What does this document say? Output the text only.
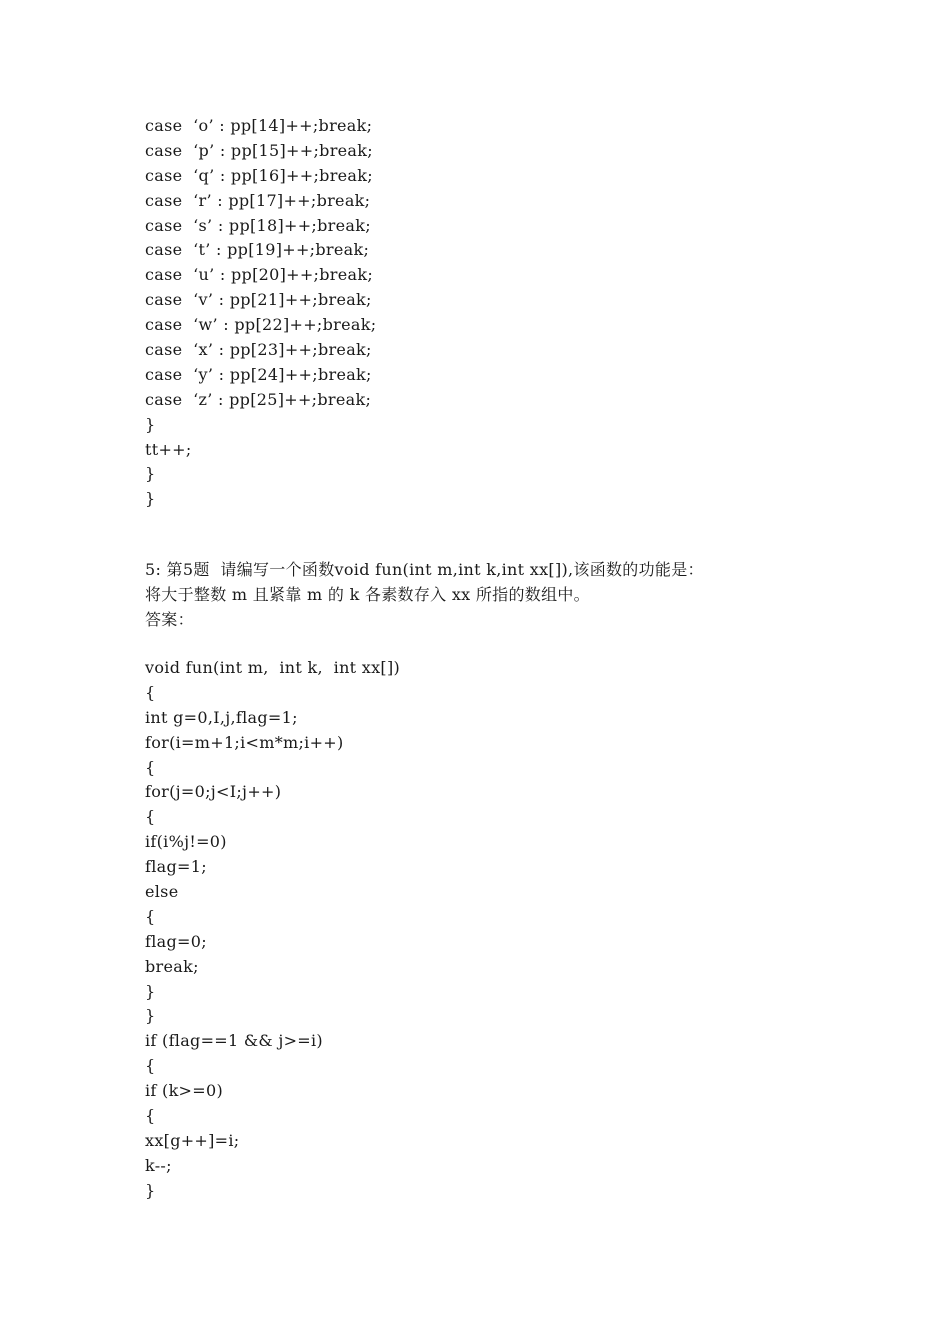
case  ‘o’ : pp[14]++;break;
case  ‘p’ : pp[15]++;break;
case  ‘q’ : pp[16]++;break;
case  ‘r’ : pp[17]++;break;
case  ‘s’ : pp[18]++;break;
case  ‘t’ : pp[19]++;break;
case  ‘u’ : pp[20]++;break;
case  ‘v’ : pp[21]++;break;
case  ‘w’ : pp[22]++;break;
case  ‘x’ : pp[23]++;break;
case  ‘y’ : pp[24]++;break;
case  ‘z’ : pp[25]++;break;
}
tt++;
}
}
5: 第5题  请编写一个函数void fun(int m,int k,int xx[]),该函数的功能是：
将大于整数 m 且紧靠 m 的 k 各素数存入 xx 所指的数组中。
答案：
void fun(int m,  int k,  int xx[])
{
int g=0,I,j,flag=1;
for(i=m+1;i<m*m;i++)
{
for(j=0;j<I;j++)
{
if(i%j!=0)
flag=1;
else
{
flag=0;
break;
}
}
if (flag==1 && j>=i)
{
if (k>=0)
{
xx[g++]=i;
k--;
}
